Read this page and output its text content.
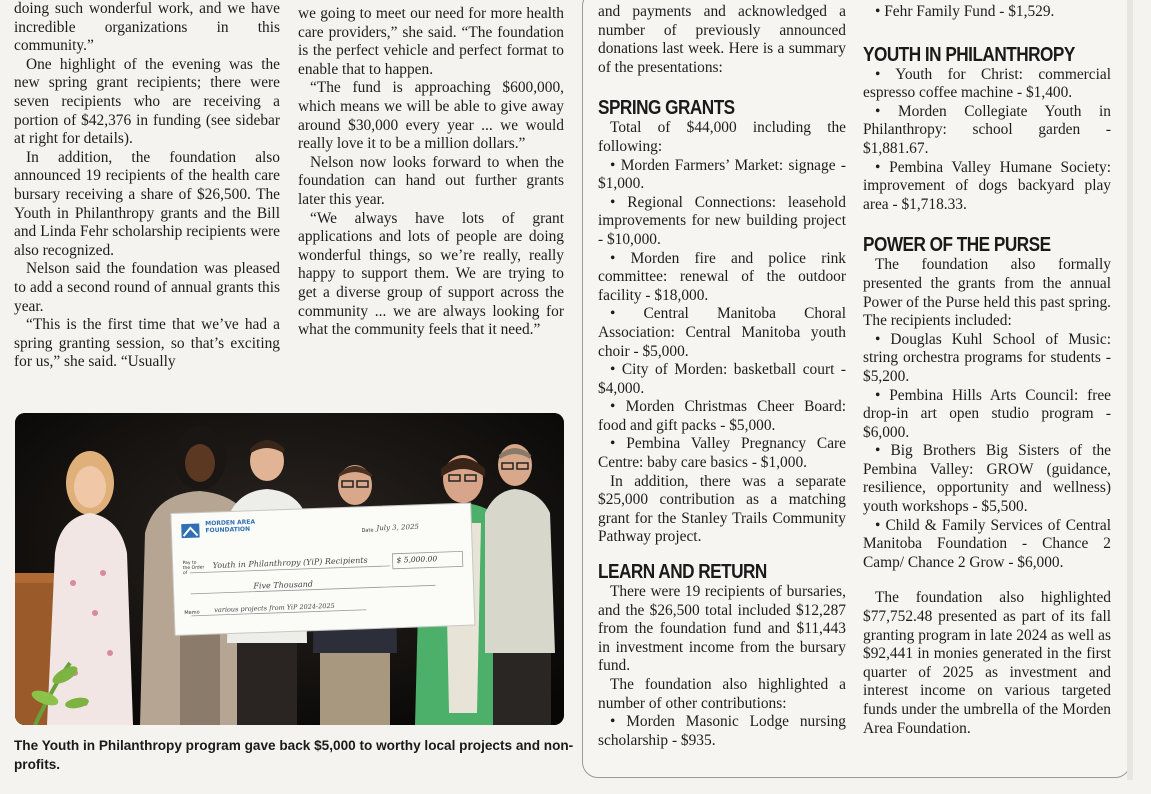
doing such wonderful work, and we have incredible organizations in this community.”

One highlight of the evening was the new spring grant recipients; there were seven recipients who are receiving a portion of $42,376 in funding (see sidebar at right for details).

In addition, the foundation also announced 19 recipients of the health care bursary receiving a share of $26,500. The Youth in Philanthropy grants and the Bill and Linda Fehr scholarship recipients were also recognized.

Nelson said the foundation was pleased to add a second round of annual grants this year.

“This is the first time that we’ve had a spring granting session, so that’s exciting for us,” she said. “Usually

we going to meet our need for more health care providers,” she said. “The foundation is the perfect vehicle and perfect format to enable that to happen.

“The fund is approaching $600,000, which means we will be able to give away around $30,000 every year ... we would really love it to be a million dollars.”

Nelson now looks forward to when the foundation can hand out further grants later this year.

“We always have lots of grant applications and lots of people are doing wonderful things, so we’re really, really happy to support them. We are trying to get a diverse group of support across the community ... we are always looking for what the community feels that it need.”

and payments and acknowledged a number of previously announced donations last week. Here is a summary of the presentations:

SPRING GRANTS

Total of $44,000 including the following:

• Morden Farmers’ Market: signage - $1,000.

• Regional Connections: leasehold improvements for new building project - $10,000.

• Morden fire and police rink committee: renewal of the outdoor facility - $18,000.

• Central Manitoba Choral Association: Central Manitoba youth choir - $5,000.

• City of Morden: basketball court - $4,000.

• Morden Christmas Cheer Board: food and gift packs - $5,000.

• Pembina Valley Pregnancy Care Centre: baby care basics - $1,000.

In addition, there was a separate $25,000 contribution as a matching grant for the Stanley Trails Community Pathway project.

LEARN AND RETURN

There were 19 recipients of bursaries, and the $26,500 total included $12,287 from the foundation fund and $11,443 in investment income from the bursary fund.

The foundation also highlighted a number of other contributions:

• Morden Masonic Lodge nursing scholarship - $935.

• Fehr Family Fund - $1,529.

YOUTH IN PHILANTHROPY

• Youth for Christ: commercial espresso coffee machine - $1,400.

• Morden Collegiate Youth in Philanthropy: school garden - $1,881.67.

• Pembina Valley Humane Society: improvement of dogs backyard play area - $1,718.33.

POWER OF THE PURSE

The foundation also formally presented the grants from the annual Power of the Purse held this past spring. The recipients included:

• Douglas Kuhl School of Music: string orchestra programs for students - $5,200.

• Pembina Hills Arts Council: free drop-in art open studio program - $6,000.

• Big Brothers Big Sisters of the Pembina Valley: GROW (guidance, resilience, opportunity and wellness) youth workshops - $5,500.

• Child & Family Services of Central Manitoba Foundation - Chance 2 Camp/ Chance 2 Grow - $6,000.

The foundation also highlighted $77,752.48 presented as part of its fall granting program in late 2024 as well as $92,441 in monies generated in the first quarter of 2025 as investment and interest income on various targeted funds under the umbrella of the Morden Area Foundation.

MORDEN AREA
FOUNDATION	Date July 3, 2025
Pay to the Order of
Youth in Philanthropy (YiP) Recipients	$ 5,000.00
Five Thousand
Memo various projects from YiP 2024-2025
The Youth in Philanthropy program gave back $5,000 to worthy local projects and non-profits.
